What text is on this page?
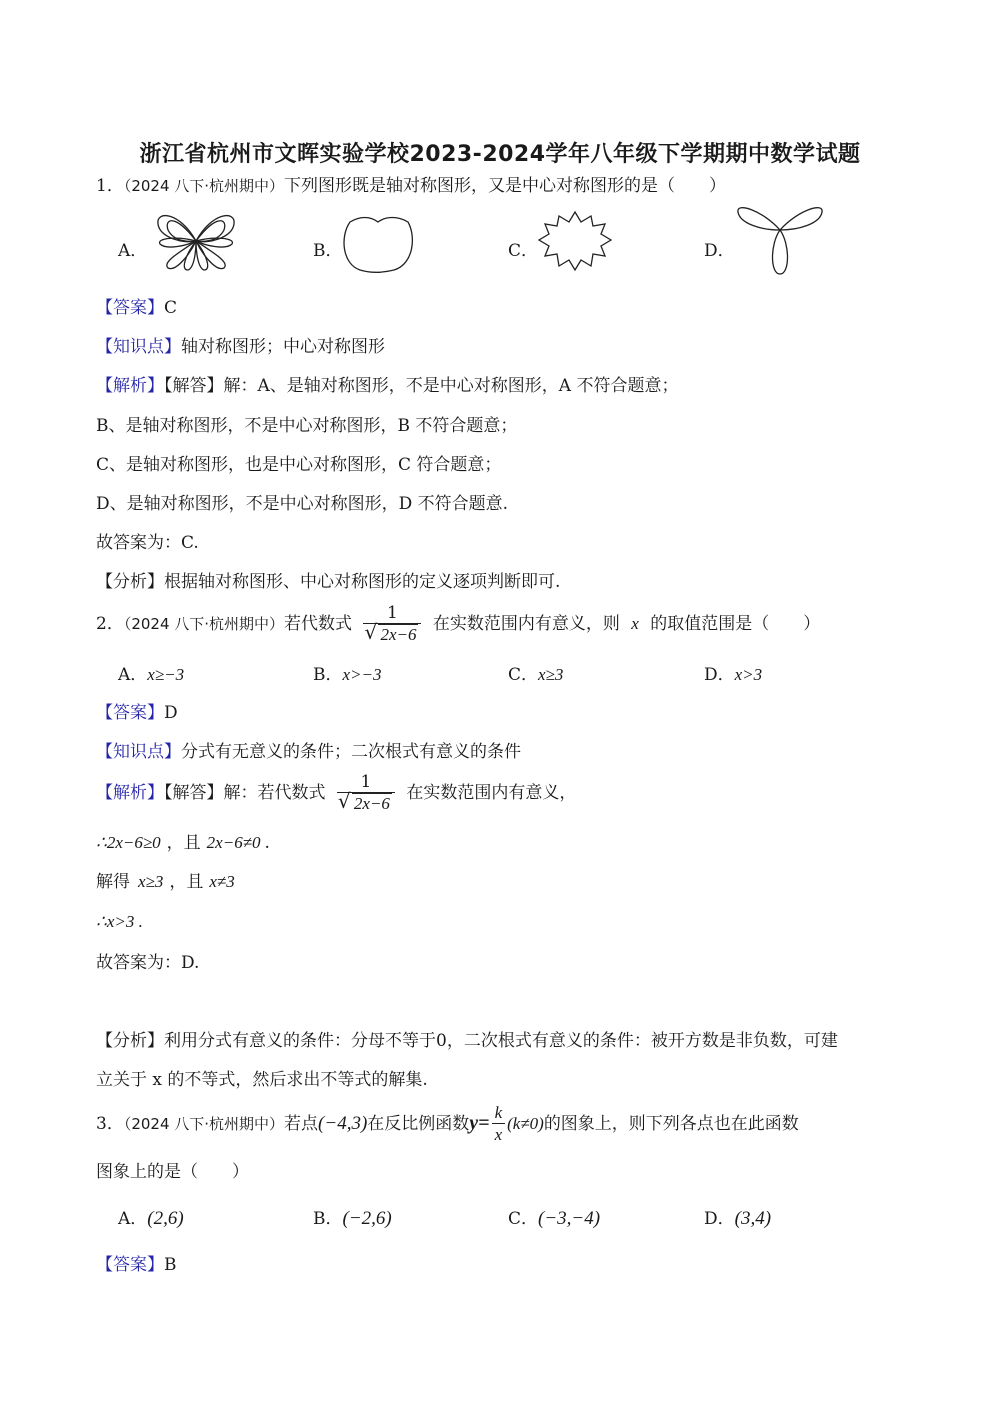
浙江省杭州市文晖实验学校2023-2024学年八年级下学期期中数学试题
1．（2024 八下·杭州期中）下列图形既是轴对称图形，又是中心对称图形的是（　　）
A．	B．	C．	D．
【答案】C
【知识点】轴对称图形；中心对称图形
【解析】【解答】解：A、是轴对称图形，不是中心对称图形，A 不符合题意；
B、是轴对称图形，不是中心对称图形，B 不符合题意；
C、是轴对称图形，也是中心对称图形，C 符合题意；
D、是轴对称图形，不是中心对称图形，D 不符合题意.
故答案为：C.
【分析】根据轴对称图形、中心对称图形的定义逐项判断即可.
2．（2024 八下·杭州期中）若代数式 1
√ 2x−6 在实数范围内有意义，则 x 的取值范围是（　　）
A．x≥−3	B．x>−3	C．x≥3	D．x>3
【答案】D
【知识点】分式有无意义的条件；二次根式有意义的条件
【解析】【解答】解：若代数式 1
√ 2x−6 在实数范围内有意义，
∴2x−6≥0 ，且 2x−6≠0 .
解得 x≥3 ，且 x≠3
∴x>3 .
故答案为：D.
【分析】利用分式有意义的条件：分母不等于0，二次根式有意义的条件：被开方数是非负数，可建
立关于 x 的不等式，然后求出不等式的解集.
3．（2024 八下·杭州期中）若点(−4,3)在反比例函数$y= \frac{k}{x} (k\ne 0)$的图象上，则下列各点也在此函数
图象上的是（　　）
A．(2,6)	B．(−2,6)	C．(−3,−4)	D．(3,4)
【答案】B
